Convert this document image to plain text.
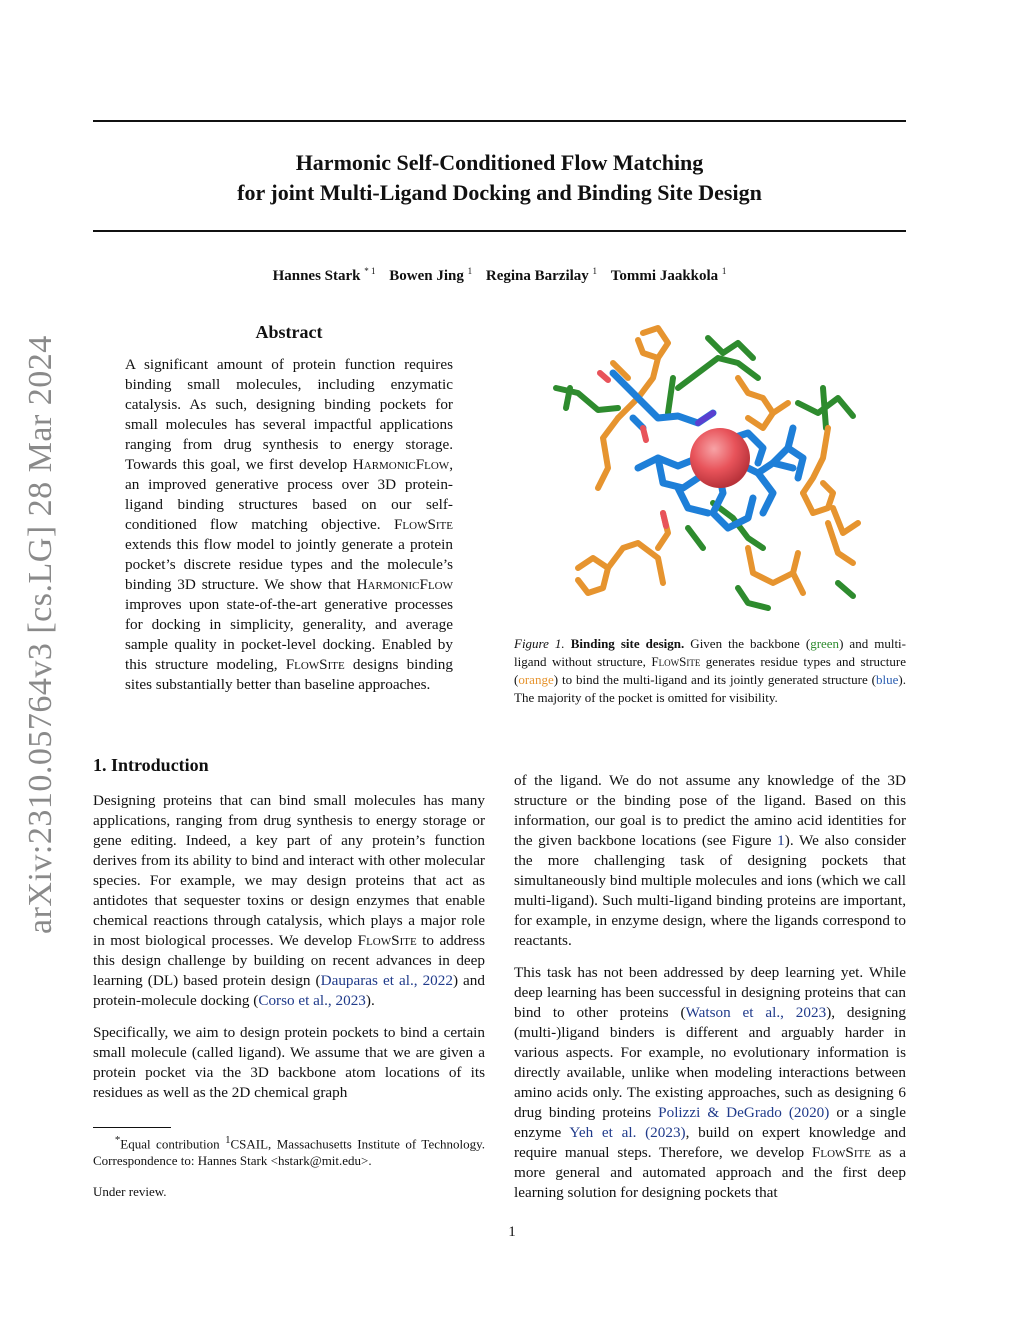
arXiv:2310.05764v3 [cs.LG] 28 Mar 2024
Harmonic Self-Conditioned Flow Matching
for joint Multi-Ligand Docking and Binding Site Design
Hannes Stark $^{* 1}$ Bowen Jing $^1$ Regina Barzilay $^1$ Tommi Jaakkola $^1$
Abstract
A significant amount of protein function requires binding small molecules, including enzymatic catalysis. As such, designing binding pockets for small molecules has several impactful applications ranging from drug synthesis to energy storage. Towards this goal, we first develop HarmonicFlow, an improved generative process over 3D protein-ligand binding structures based on our self-conditioned flow matching objective. FlowSite extends this flow model to jointly generate a protein pocket’s discrete residue types and the molecule’s binding 3D structure. We show that HarmonicFlow improves upon state-of-the-art generative processes for docking in simplicity, generality, and average sample quality in pocket-level docking. Enabled by this structure modeling, FlowSite designs binding sites substantially better than baseline approaches.
Figure 1. Binding site design. Given the backbone (green) and multi-ligand without structure, FlowSite generates residue types and structure (orange) to bind the multi-ligand and its jointly generated structure (blue). The majority of the pocket is omitted for visibility.
1. Introduction

Designing proteins that can bind small molecules has many applications, ranging from drug synthesis to energy storage or gene editing. Indeed, a key part of any protein’s function derives from its ability to bind and interact with other molecular species. For example, we may design proteins that act as antidotes that sequester toxins or design enzymes that enable chemical reactions through catalysis, which plays a major role in most biological processes. We develop FlowSite to address this design challenge by building on recent advances in deep learning (DL) based protein design (Dauparas et al., 2022) and protein-molecule docking (Corso et al., 2023).

Specifically, we aim to design protein pockets to bind a certain small molecule (called ligand). We assume that we are given a protein pocket via the 3D backbone atom locations of its residues as well as the 2D chemical graph

of the ligand. We do not assume any knowledge of the 3D structure or the binding pose of the ligand. Based on this information, our goal is to predict the amino acid identities for the given backbone locations (see Figure 1). We also consider the more challenging task of designing pockets that simultaneously bind multiple molecules and ions (which we call multi-ligand). Such multi-ligand binding proteins are important, for example, in enzyme design, where the ligands correspond to reactants.

This task has not been addressed by deep learning yet. While deep learning has been successful in designing proteins that can bind to other proteins (Watson et al., 2023), designing (multi-)ligand binders is different and arguably harder in various aspects. For example, no evolutionary information is directly available, unlike when modeling interactions between amino acids only. The existing approaches, such as designing 6 drug binding proteins Polizzi & DeGrado (2020) or a single enzyme Yeh et al. (2023), build on expert knowledge and require manual steps. Therefore, we develop FlowSite as a more general and automated approach and the first deep learning solution for designing pockets that

*Equal contribution $^1$CSAIL, Massachusetts Institute of Technology. Correspondence to: Hannes Stark <hstark@mit.edu>.
Under review.
1
